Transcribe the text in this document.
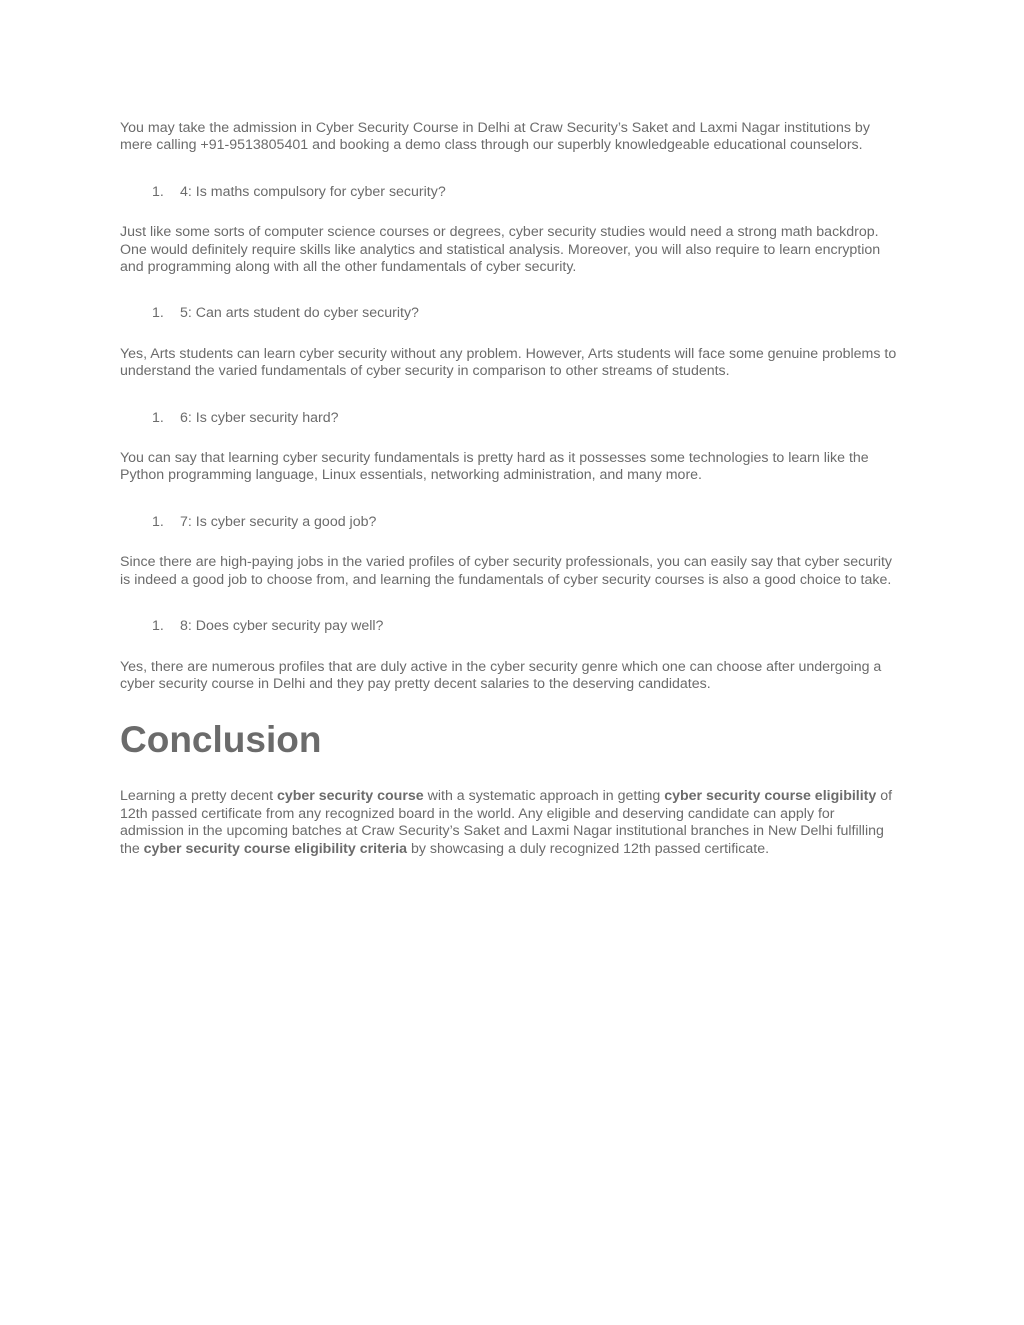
You may take the admission in Cyber Security Course in Delhi at Craw Security’s Saket and Laxmi Nagar institutions by mere calling +91-9513805401 and booking a demo class through our superbly knowledgeable educational counselors.

1.	4: Is maths compulsory for cyber security?

Just like some sorts of computer science courses or degrees, cyber security studies would need a strong math backdrop. One would definitely require skills like analytics and statistical analysis. Moreover, you will also require to learn encryption and programming along with all the other fundamentals of cyber security.

1.	5: Can arts student do cyber security?

Yes, Arts students can learn cyber security without any problem. However, Arts students will face some genuine problems to understand the varied fundamentals of cyber security in comparison to other streams of students.

1.	6: Is cyber security hard?

You can say that learning cyber security fundamentals is pretty hard as it possesses some technologies to learn like the Python programming language, Linux essentials, networking administration, and many more.

1.	7: Is cyber security a good job?

Since there are high-paying jobs in the varied profiles of cyber security professionals, you can easily say that cyber security is indeed a good job to choose from, and learning the fundamentals of cyber security courses is also a good choice to take.

1.	8: Does cyber security pay well?

Yes, there are numerous profiles that are duly active in the cyber security genre which one can choose after undergoing a cyber security course in Delhi and they pay pretty decent salaries to the deserving candidates.

Conclusion

Learning a pretty decent cyber security course with a systematic approach in getting cyber security course eligibility of 12th passed certificate from any recognized board in the world. Any eligible and deserving candidate can apply for admission in the upcoming batches at Craw Security’s Saket and Laxmi Nagar institutional branches in New Delhi fulfilling the cyber security course eligibility criteria by showcasing a duly recognized 12th passed certificate.
